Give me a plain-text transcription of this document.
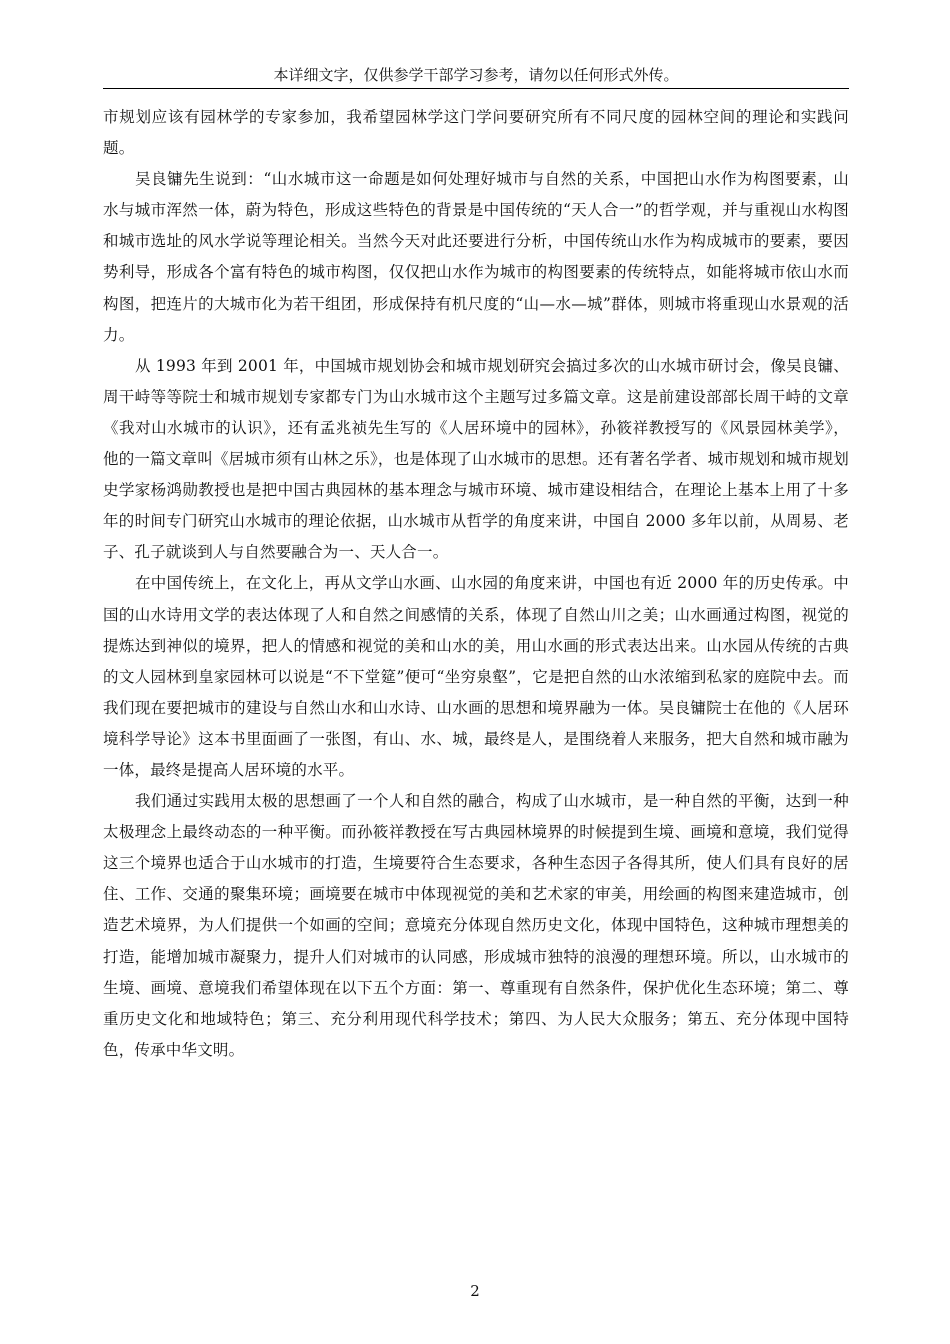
本详细文字，仅供参学干部学习参考，请勿以任何形式外传。

市规划应该有园林学的专家参加，我希望园林学这门学问要研究所有不同尺度的园林空间的理论和实践问题。

吴良镛先生说到：“山水城市这一命题是如何处理好城市与自然的关系，中国把山水作为构图要素，山水与城市浑然一体，蔚为特色，形成这些特色的背景是中国传统的“天人合一”的哲学观，并与重视山水构图和城市选址的风水学说等理论相关。当然今天对此还要进行分析，中国传统山水作为构成城市的要素，要因势利导，形成各个富有特色的城市构图，仅仅把山水作为城市的构图要素的传统特点，如能将城市依山水而构图，把连片的大城市化为若干组团，形成保持有机尺度的“山—水—城”群体，则城市将重现山水景观的活力。

从 1993 年到 2001 年，中国城市规划协会和城市规划研究会搞过多次的山水城市研讨会，像吴良镛、周干峙等等院士和城市规划专家都专门为山水城市这个主题写过多篇文章。这是前建设部部长周干峙的文章《我对山水城市的认识》，还有孟兆祯先生写的《人居环境中的园林》，孙筱祥教授写的《风景园林美学》，他的一篇文章叫《居城市须有山林之乐》，也是体现了山水城市的思想。还有著名学者、城市规划和城市规划史学家杨鸿勋教授也是把中国古典园林的基本理念与城市环境、城市建设相结合，在理论上基本上用了十多年的时间专门研究山水城市的理论依据，山水城市从哲学的角度来讲，中国自 2000 多年以前，从周易、老子、孔子就谈到人与自然要融合为一、天人合一。

在中国传统上，在文化上，再从文学山水画、山水园的角度来讲，中国也有近 2000 年的历史传承。中国的山水诗用文学的表达体现了人和自然之间感情的关系，体现了自然山川之美；山水画通过构图，视觉的提炼达到神似的境界，把人的情感和视觉的美和山水的美，用山水画的形式表达出来。山水园从传统的古典的文人园林到皇家园林可以说是“不下堂筵”便可“坐穷泉壑”，它是把自然的山水浓缩到私家的庭院中去。而我们现在要把城市的建设与自然山水和山水诗、山水画的思想和境界融为一体。吴良镛院士在他的《人居环境科学导论》这本书里面画了一张图，有山、水、城，最终是人，是围绕着人来服务，把大自然和城市融为一体，最终是提高人居环境的水平。

我们通过实践用太极的思想画了一个人和自然的融合，构成了山水城市，是一种自然的平衡，达到一种太极理念上最终动态的一种平衡。而孙筱祥教授在写古典园林境界的时候提到生境、画境和意境，我们觉得这三个境界也适合于山水城市的打造，生境要符合生态要求，各种生态因子各得其所，使人们具有良好的居住、工作、交通的聚集环境；画境要在城市中体现视觉的美和艺术家的审美，用绘画的构图来建造城市，创造艺术境界，为人们提供一个如画的空间；意境充分体现自然历史文化，体现中国特色，这种城市理想美的打造，能增加城市凝聚力，提升人们对城市的认同感，形成城市独特的浪漫的理想环境。所以，山水城市的生境、画境、意境我们希望体现在以下五个方面：第一、尊重现有自然条件，保护优化生态环境；第二、尊重历史文化和地域特色；第三、充分利用现代科学技术；第四、为人民大众服务；第五、充分体现中国特色，传承中华文明。

2
